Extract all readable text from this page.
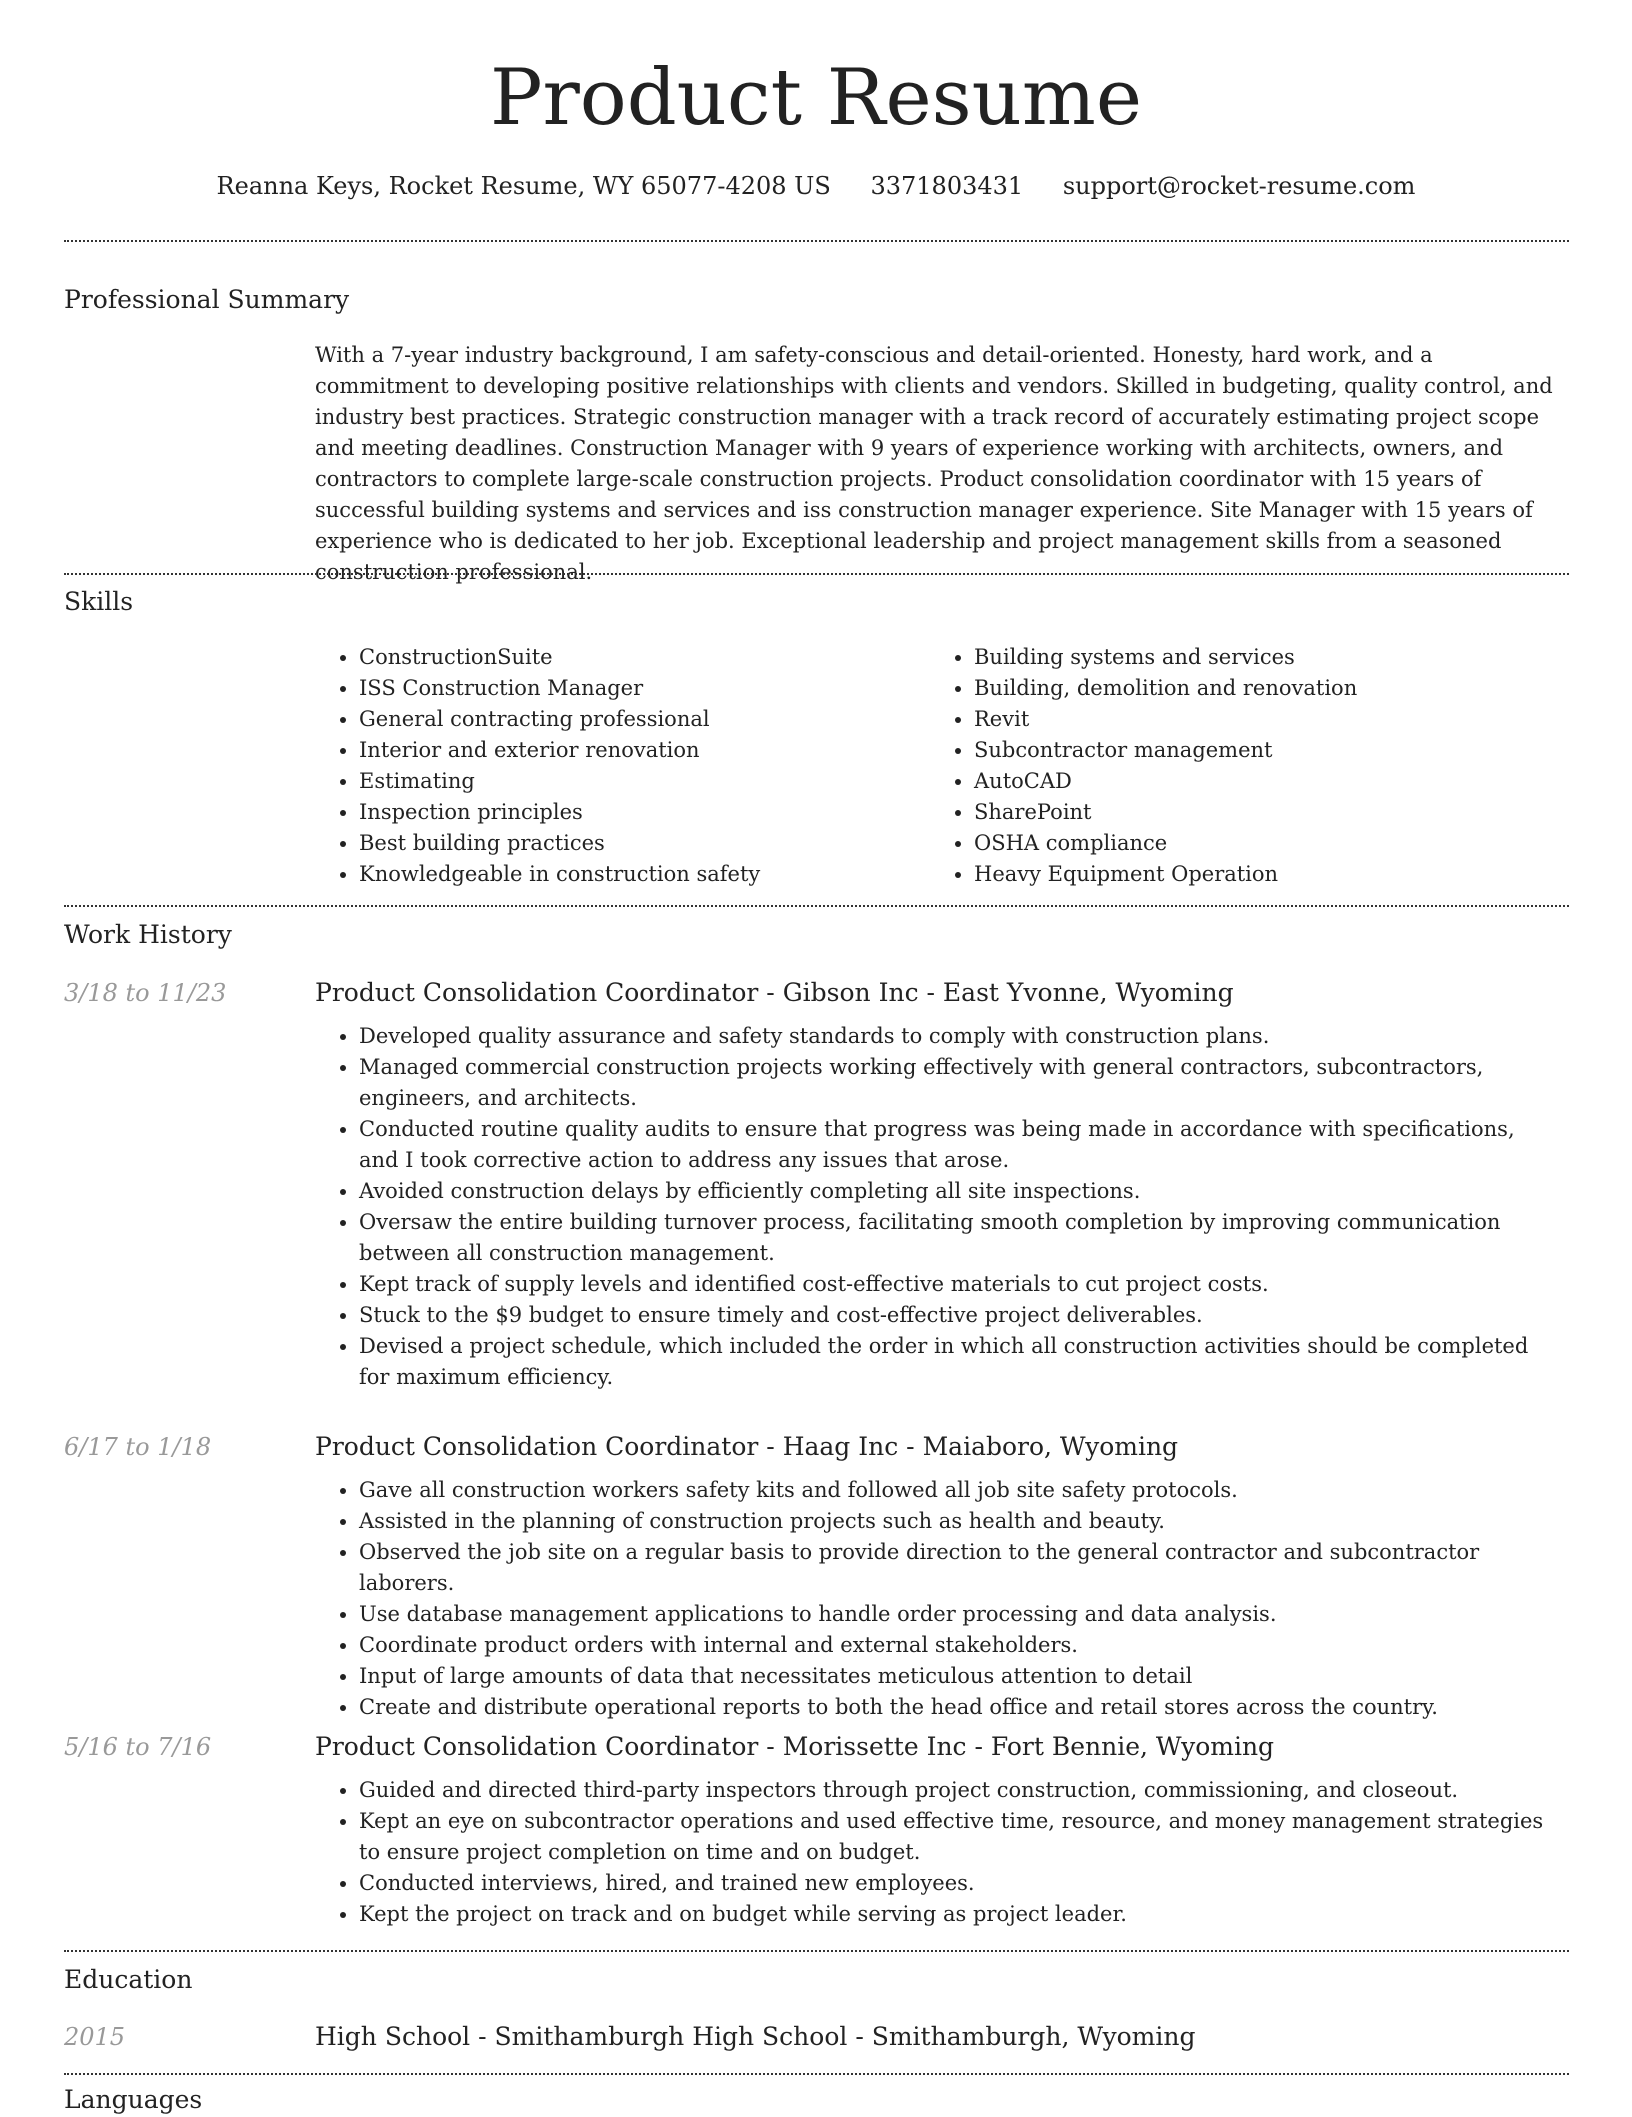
Product Resume
Reanna Keys, Rocket Resume, WY 65077-4208 US 3371803431 support@rocket-resume.com
Professional Summary

With a 7-year industry background, I am safety-conscious and detail-oriented. Honesty, hard work, and a commitment to developing positive relationships with clients and vendors. Skilled in budgeting, quality control, and industry best practices. Strategic construction manager with a track record of accurately estimating project scope and meeting deadlines. Construction Manager with 9 years of experience working with architects, owners, and contractors to complete large-scale construction projects. Product consolidation coordinator with 15 years of successful building systems and services and iss construction manager experience. Site Manager with 15 years of experience who is dedicated to her job. Exceptional leadership and project management skills from a seasoned construction professional.

Skills
• ConstructionSuite
• ISS Construction Manager
• General contracting professional
• Interior and exterior renovation
• Estimating
• Inspection principles
• Best building practices
• Knowledgeable in construction safety
• Building systems and services
• Building, demolition and renovation
• Revit
• Subcontractor management
• AutoCAD
• SharePoint
• OSHA compliance
• Heavy Equipment Operation
Work History
3/18 to 11/23	Product Consolidation Coordinator - Gibson Inc - East Yvonne, Wyoming
• Developed quality assurance and safety standards to comply with construction plans.
• Managed commercial construction projects working effectively with general contractors, subcontractors, engineers, and architects.
• Conducted routine quality audits to ensure that progress was being made in accordance with specifications, and I took corrective action to address any issues that arose.
• Avoided construction delays by efficiently completing all site inspections.
• Oversaw the entire building turnover process, facilitating smooth completion by improving communication between all construction management.
• Kept track of supply levels and identified cost-effective materials to cut project costs.
• Stuck to the $9 budget to ensure timely and cost-effective project deliverables.
• Devised a project schedule, which included the order in which all construction activities should be completed for maximum efficiency.
6/17 to 1/18	Product Consolidation Coordinator - Haag Inc - Maiaboro, Wyoming
• Gave all construction workers safety kits and followed all job site safety protocols.
• Assisted in the planning of construction projects such as health and beauty.
• Observed the job site on a regular basis to provide direction to the general contractor and subcontractor laborers.
• Use database management applications to handle order processing and data analysis.
• Coordinate product orders with internal and external stakeholders.
• Input of large amounts of data that necessitates meticulous attention to detail
• Create and distribute operational reports to both the head office and retail stores across the country.
5/16 to 7/16	Product Consolidation Coordinator - Morissette Inc - Fort Bennie, Wyoming
• Guided and directed third-party inspectors through project construction, commissioning, and closeout.
• Kept an eye on subcontractor operations and used effective time, resource, and money management strategies to ensure project completion on time and on budget.
• Conducted interviews, hired, and trained new employees.
• Kept the project on track and on budget while serving as project leader.
Education
2015	High School - Smithamburgh High School - Smithamburgh, Wyoming
Languages
